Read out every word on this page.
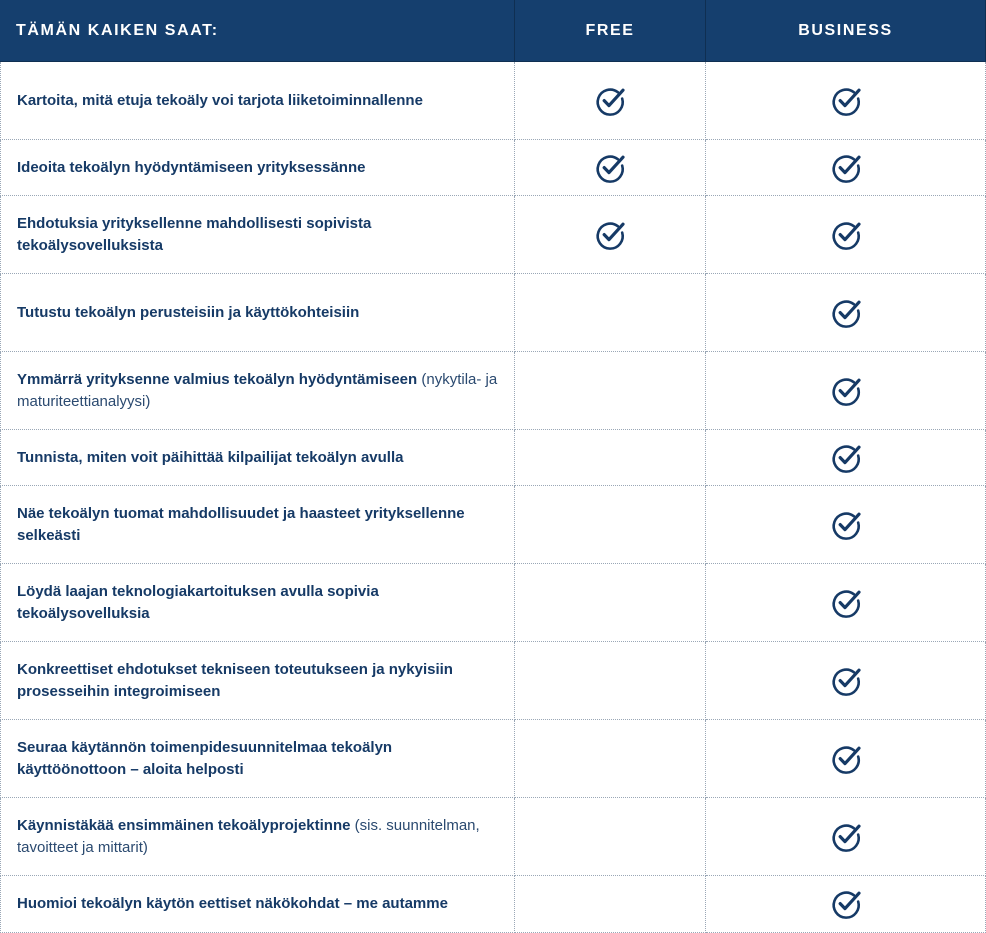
TÄMÄN KAIKEN SAAT:	FREE	BUSINESS
Kartoita, mitä etuja tekoäly voi tarjota liiketoiminnallenne
Ideoita tekoälyn hyödyntämiseen yrityksessänne
Ehdotuksia yrityksellenne mahdollisesti sopivista tekoälysovelluksista
Tutustu tekoälyn perusteisiin ja käyttökohteisiin
Ymmärrä yrityksenne valmius tekoälyn hyödyntämiseen (nykytila- ja maturiteettianalyysi)
Tunnista, miten voit päihittää kilpailijat tekoälyn avulla
Näe tekoälyn tuomat mahdollisuudet ja haasteet yrityksellenne selkeästi
Löydä laajan teknologiakartoituksen avulla sopivia tekoälysovelluksia
Konkreettiset ehdotukset tekniseen toteutukseen ja nykyisiin prosesseihin integroimiseen
Seuraa käytännön toimenpidesuunnitelmaa tekoälyn käyttöönottoon – aloita helposti
Käynnistäkää ensimmäinen tekoälyprojektinne (sis. suunnitelman, tavoitteet ja mittarit)
Huomioi tekoälyn käytön eettiset näkökohdat – me autamme
